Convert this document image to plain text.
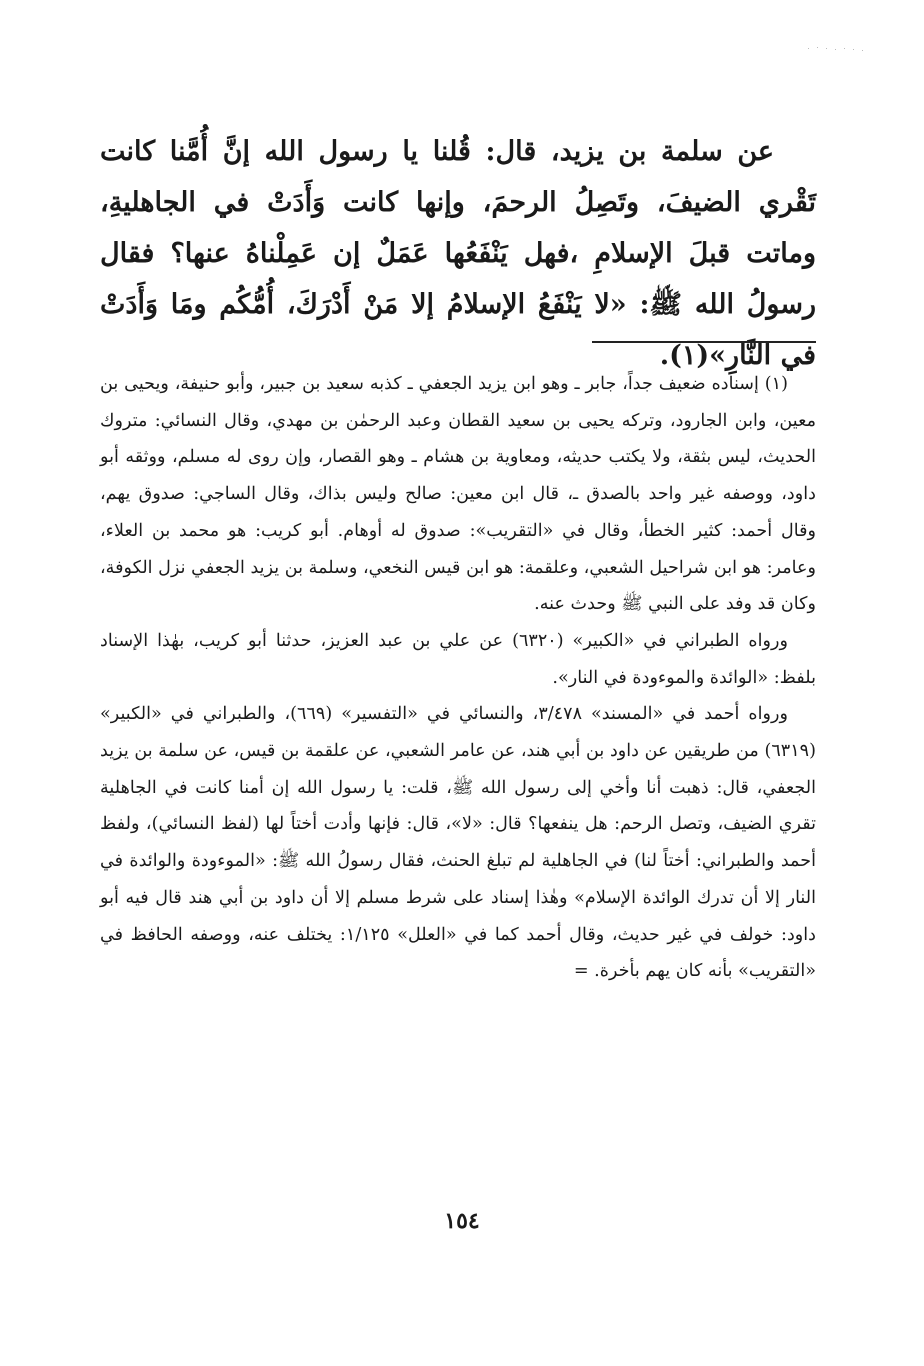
عن سلمة بن يزيد، قال: قُلنا يا رسول الله إنَّ أُمَّنا كانت تَقْري الضيفَ، وتَصِلُ الرحمَ، وإنها كانت وَأَدَتْ في الجاهليةِ، وماتت قبلَ الإسلامِ ،فهل يَنْفَعُها عَمَلٌ إن عَمِلْناهُ عنها؟ فقال رسولُ الله ﷺ: «لا يَنْفَعُ الإسلامُ إلا مَنْ أَدْرَكَ، أُمُّكُم ومَا وَأَدَتْ في النَّارِ»(١).

(١) إسناده ضعيف جداً، جابر ـ وهو ابن يزيد الجعفي ـ كذبه سعيد بن جبير، وأبو حنيفة، ويحيى بن معين، وابن الجارود، وتركه يحيى بن سعيد القطان وعبد الرحمٰن بن مهدي، وقال النسائي: متروك الحديث، ليس بثقة، ولا يكتب حديثه، ومعاوية بن هشام ـ وهو القصار، وإن روى له مسلم، ووثقه أبو داود، ووصفه غير واحد بالصدق ـ، قال ابن معين: صالح وليس بذاك، وقال الساجي: صدوق يهم، وقال أحمد: كثير الخطأ، وقال في «التقريب»: صدوق له أوهام. أبو كريب: هو محمد بن العلاء، وعامر: هو ابن شراحيل الشعبي، وعلقمة: هو ابن قيس النخعي، وسلمة بن يزيد الجعفي نزل الكوفة، وكان قد وفد على النبي ﷺ وحدث عنه.

ورواه الطبراني في «الكبير» (٦٣٢٠) عن علي بن عبد العزيز، حدثنا أبو كريب، بهٰذا الإسناد بلفظ: «الوائدة والموءودة في النار».

ورواه أحمد في «المسند» ٣/٤٧٨، والنسائي في «التفسير» (٦٦٩)، والطبراني في «الكبير» (٦٣١٩) من طريقين عن داود بن أبي هند، عن عامر الشعبي، عن علقمة بن قيس، عن سلمة بن يزيد الجعفي، قال: ذهبت أنا وأخي إلى رسول الله ﷺ، قلت: يا رسول الله إن أمنا كانت في الجاهلية تقري الضيف، وتصل الرحم: هل ينفعها؟ قال: «لا»، قال: فإنها وأدت أختاً لها (لفظ النسائي)، ولفظ أحمد والطبراني: أختاً لنا) في الجاهلية لم تبلغ الحنث، فقال رسولُ الله ﷺ: «الموءودة والوائدة في النار إلا أن تدرك الوائدة الإسلام» وهٰذا إسناد على شرط مسلم إلا أن داود بن أبي هند قال فيه أبو داود: خولف في غير حديث، وقال أحمد كما في «العلل» ١/١٢٥: يختلف عنه، ووصفه الحافظ في «التقريب» بأنه كان يهم بأخرة. =

١٥٤
